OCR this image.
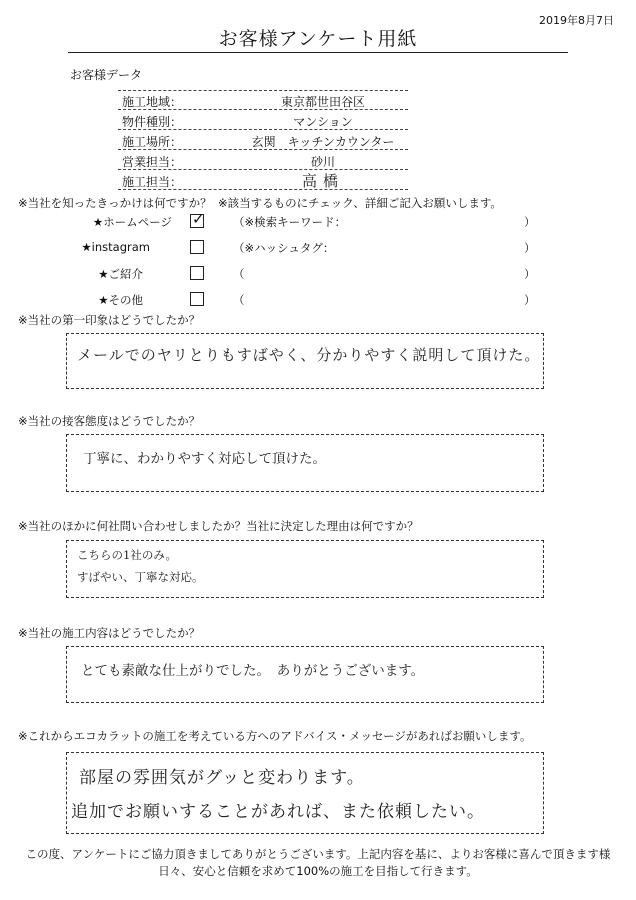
2019年8月7日
お客様アンケート用紙
お客様データ
施工地域：	東京都世田谷区
物件種別：	マンション
施工場所：	玄関　キッチンカウンター
営業担当：	砂川
施工担当：	高橋
※当社を知ったきっかけは何ですか？ ※該当するものにチェック、詳細ご記入お願いします。
★ホームページ ✓ （※検索キーワード：	）
★instagram	（※ハッシュタグ：	）
★ご紹介	（	）
★その他	（	）
※当社の第一印象はどうでしたか？
メールでのヤリとりもすばやく、分かりやすく説明して頂けた。
※当社の接客態度はどうでしたか？
丁寧に、わかりやすく対応して頂けた。
※当社のほかに何社問い合わせしましたか？当社に決定した理由は何ですか？
こちらの1社のみ。
すばやい、丁寧な対応。
※当社の施工内容はどうでしたか？
とても素敵な仕上がりでした。　ありがとうございます。
※これからエコカラットの施工を考えている方へのアドバイス・メッセージがあればお願いします。
部屋の雰囲気がグッと変わります。
追加でお願いすることがあれば、また依頼したい。
この度、アンケートにご協力頂きましてありがとうございます。上記内容を基に、よりお客様に喜んで頂きます様
日々、安心と信頼を求めて100%の施工を目指して行きます。
